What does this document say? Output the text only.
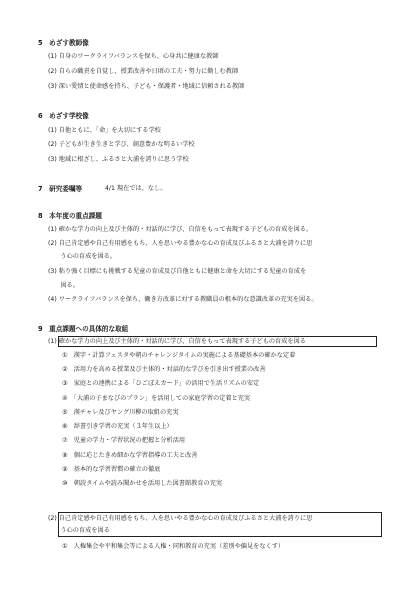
5　めざす教師像
(1) 自身のワークライフバランスを保ち、心身共に健康な教師
(2) 自らの職責を自覚し、授業改善や日頃の工夫・努力に勤しむ教師
(3) 深い愛情と使命感を持ち、子ども・保護者・地域に信頼される教師
6　めざす学校像
(1) 自他ともに、「命」を大切にする学校
(2) 子どもが生き生きと学び、創意豊かな明るい学校
(3) 地域に根ざし、ふるさと大浦を誇りに思う学校
7　研究委嘱等	4/1 現在では、なし。
8　本年度の重点課題
(1) 確かな学力の向上及び主体的・対話的に学び、自信をもって表現する子どもの育成を図る。
(2) 自己肯定感や自己有用感をもち、人を思いやる豊かな心の育成及びふるさと大浦を誇りに思
　　う心の育成を図る。
(3) 粘り強く目標にも挑戦する児童の育成及び自他ともに健康と命を大切にする児童の育成を
　　図る。
(4) ワークライフバランスを保ち、働き方改革に対する教職員の根本的な意識改革の充実を図る。
9　重点課題への具体的な取組
(1) 確かな学力の向上及び主体的・対話的に学び、自信をもって表現する子どもの育成を図る
①　漢字・計算フェスタや朝のチャレンジタイムの実施による基礎基本の確かな定着
②　活用力を高める授業及び主体的・対話的な学びを引き出す授業の改善
③　家庭との連携による「ひごぼえカード」の活用で生活リズムの安定
④　「大浦の子まなびのプラン」を活用しての家庭学習の定着と充実
⑤　漢チャレ及びヤング川柳の取組の充実
⑥　辞書引き学習の充実（３年生以上）
⑦　児童の学力・学習状況の把握と分析活用
⑧　個に応じたきめ細かな学習指導の工夫と改善
⑨　基本的な学習習慣の確立の徹底
⑩　朝読タイムや読み聞かせを活用した図書館教育の充実
(2) 自己肯定感や自己有用感をもち、人を思いやる豊かな心の育成及びふるさと大浦を誇りに思
　　う心の育成を図る
①　人権集会や平和集会等による人権・同和教育の充実（差別や偏見をなくす）
